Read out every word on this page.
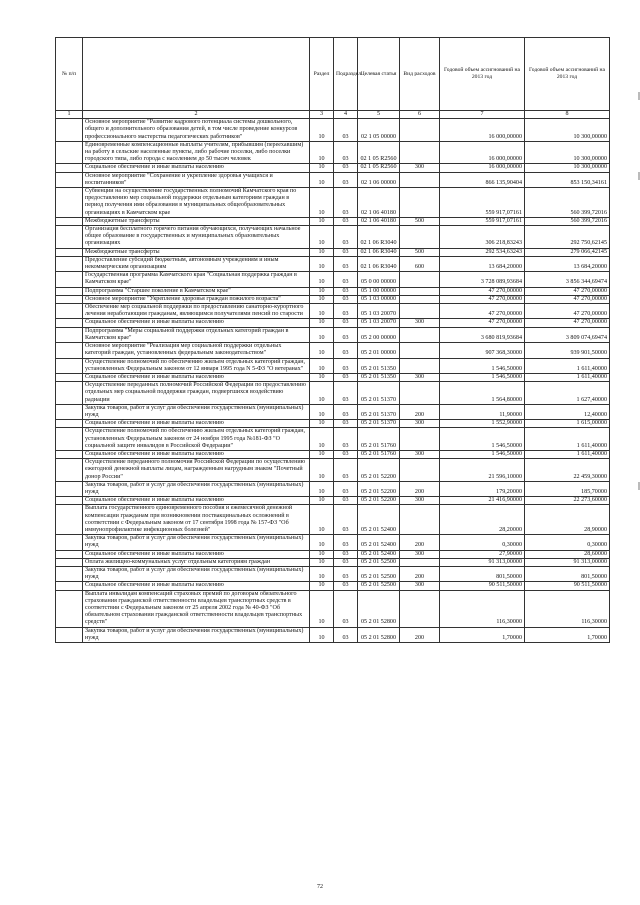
№ п/п		Раздел	Подраздел	Целевая статья	Вид расходов	Годовой объем ассигнований на 2013 год	Годовой объем ассигнований на 2013 год
1	2	3	4	5	6	7	8
	Основное мероприятие "Развитие кадрового потенциала системы дошкольного, общего и дополнительного образования детей, в том числе проведение конкурсов профессионального мастерства педагогических работников"	10	03	02 1 05 00000		16 000,00000	10 300,00000
	Единовременные компенсационные выплаты учителям, прибывшим (переехавшим) на работу в сельские населенные пункты, либо рабочие поселки, либо поселки городского типа, либо города с населением до 50 тысяч человек	10	03	02 1 05 R2560		16 000,00000	10 300,00000
	Социальное обеспечение и иные выплаты населению	10	03	02 1 05 R2560	300	16 000,00000	10 300,00000
	Основное мероприятие "Сохранение и укрепление здоровья учащихся и воспитанников"	10	03	02 1 06 00000		866 135,90404	853 150,34161
	Субвенции на осуществление государственных полномочий Камчатского края по предоставлению мер социальной поддержки отдельным категориям граждан в период получения ими образования в муниципальных общеобразовательных организациях в Камчатском крае	10	03	02 1 06 40180		559 917,07161	560 399,72016
	Межбюджетные трансферты	10	03	02 1 06 40180	500	559 917,07161	560 399,72016
	Организация бесплатного горячего питания обучающихся, получающих начальное общее образование в государственных и муниципальных образовательных организациях	10	03	02 1 06 R3040		306 218,83243	292 750,62145
	Межбюджетные трансферты	10	03	02 1 06 R3040	500	292 534,63243	279 066,42145
	Предоставление субсидий бюджетным, автономным учреждениям и иным некоммерческим организациям	10	03	02 1 06 R3040	600	13 684,20000	13 684,20000
	Государственная программа Камчатского края "Социальная поддержка граждан в Камчатском крае"	10	03	05 0 00 00000		3 728 089,93684	3 856 344,69474
	Подпрограмма "Старшее поколение в Камчатском крае"	10	03	05 1 00 00000		47 270,00000	47 270,00000
	Основное мероприятие "Укрепление здоровья граждан пожилого возраста"	10	03	05 1 03 00000		47 270,00000	47 270,00000
	Обеспечение мер социальной поддержки по предоставлению санаторно-курортного лечения неработающим гражданам, являющимся получателями пенсий по старости	10	03	05 1 03 20070		47 270,00000	47 270,00000
	Социальное обеспечение и иные выплаты населению	10	03	05 1 03 20070	300	47 270,00000	47 270,00000
	Подпрограмма "Меры социальной поддержки отдельных категорий граждан в Камчатском крае"	10	03	05 2 00 00000		3 680 819,93684	3 809 074,69474
	Основное мероприятие "Реализация мер социальной поддержки отдельных категорий граждан, установленных федеральным законодательством"	10	03	05 2 01 00000		907 368,30000	939 901,50000
	Осуществление полномочий по обеспечению жильем отдельных категорий граждан, установленных Федеральным законом от 12 января 1995 года N 5-ФЗ "О ветеранах"	10	03	05 2 01 51350		1 546,50000	1 611,40000
	Социальное обеспечение и иные выплаты населению	10	03	05 2 01 51350	300	1 546,50000	1 611,40000
	Осуществление переданных полномочий Российской Федерации по предоставлению отдельных мер социальной поддержки граждан, подвергшихся воздействию радиации	10	03	05 2 01 51370		1 564,80000	1 627,40000
	Закупка товаров, работ и услуг для обеспечения государственных (муниципальных) нужд	10	03	05 2 01 51370	200	11,90000	12,40000
	Социальное обеспечение и иные выплаты населению	10	03	05 2 01 51370	300	1 552,90000	1 615,00000
	Осуществление полномочий по обеспечению жильем отдельных категорий граждан, установленных Федеральным законом от 24 ноября 1995 года №181-ФЗ "О социальной защите инвалидов в Российской Федерации"	10	03	05 2 01 51760		1 546,50000	1 611,40000
	Социальное обеспечение и иные выплаты населению	10	03	05 2 01 51760	300	1 546,50000	1 611,40000
	Осуществление переданного полномочия Российской Федерации по осуществлению ежегодной денежной выплаты лицам, награжденным нагрудным знаком "Почетный донор России"	10	03	05 2 01 52200		21 596,10000	22 459,30000
	Закупка товаров, работ и услуг для обеспечения государственных (муниципальных) нужд	10	03	05 2 01 52200	200	179,20000	185,70000
	Социальное обеспечение и иные выплаты населению	10	03	05 2 01 52200	300	21 416,90000	22 273,60000
	Выплата государственного единовременного пособия и ежемесячной денежной компенсации гражданам при возникновении поствакцинальных осложнений в соответствии с Федеральным законом от 17 сентября 1998 года № 157-ФЗ "Об иммунопрофилактике инфекционных болезней"	10	03	05 2 01 52400		28,20000	28,90000
	Закупка товаров, работ и услуг для обеспечения государственных (муниципальных) нужд	10	03	05 2 01 52400	200	0,30000	0,30000
	Социальное обеспечение и иные выплаты населению	10	03	05 2 01 52400	300	27,90000	28,60000
	Оплата жилищно-коммунальных услуг отдельным категориям граждан	10	03	05 2 01 52500		91 313,00000	91 313,00000
	Закупка товаров, работ и услуг для обеспечения государственных (муниципальных) нужд	10	03	05 2 01 52500	200	801,50000	801,50000
	Социальное обеспечение и иные выплаты населению	10	03	05 2 01 52500	300	90 511,50000	90 511,50000
	Выплата инвалидам компенсаций страховых премий по договорам обязательного страхования гражданской ответственности владельцев транспортных средств в соответствии с Федеральным законом от 25 апреля 2002 года № 40-ФЗ "Об обязательном страховании гражданской ответственности владельцев транспортных средств"	10	03	05 2 01 52800		116,30000	116,30000
	Закупка товаров, работ и услуг для обеспечения государственных (муниципальных) нужд	10	03	05 2 01 52800	200	1,70000	1,70000
72
